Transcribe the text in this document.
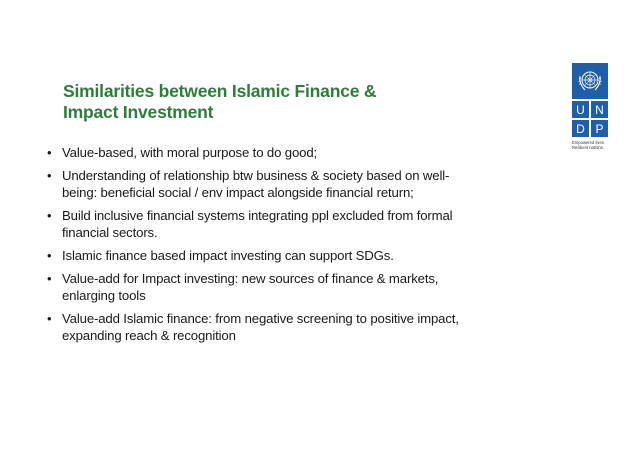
Similarities between Islamic Finance &
Impact Investment
• Value-based, with moral purpose to do good;
• Understanding of relationship btw business & society based on well-
being: beneficial social / env impact alongside financial return;
• Build inclusive financial systems integrating ppl excluded from formal
financial sectors.
• Islamic finance based impact investing can support SDGs.
• Value-add for Impact investing: new sources of finance & markets,
enlarging tools
• Value-add Islamic finance: from negative screening to positive impact,
expanding reach & recognition
U N
D P
Empowered lives.
Resilient nations.
